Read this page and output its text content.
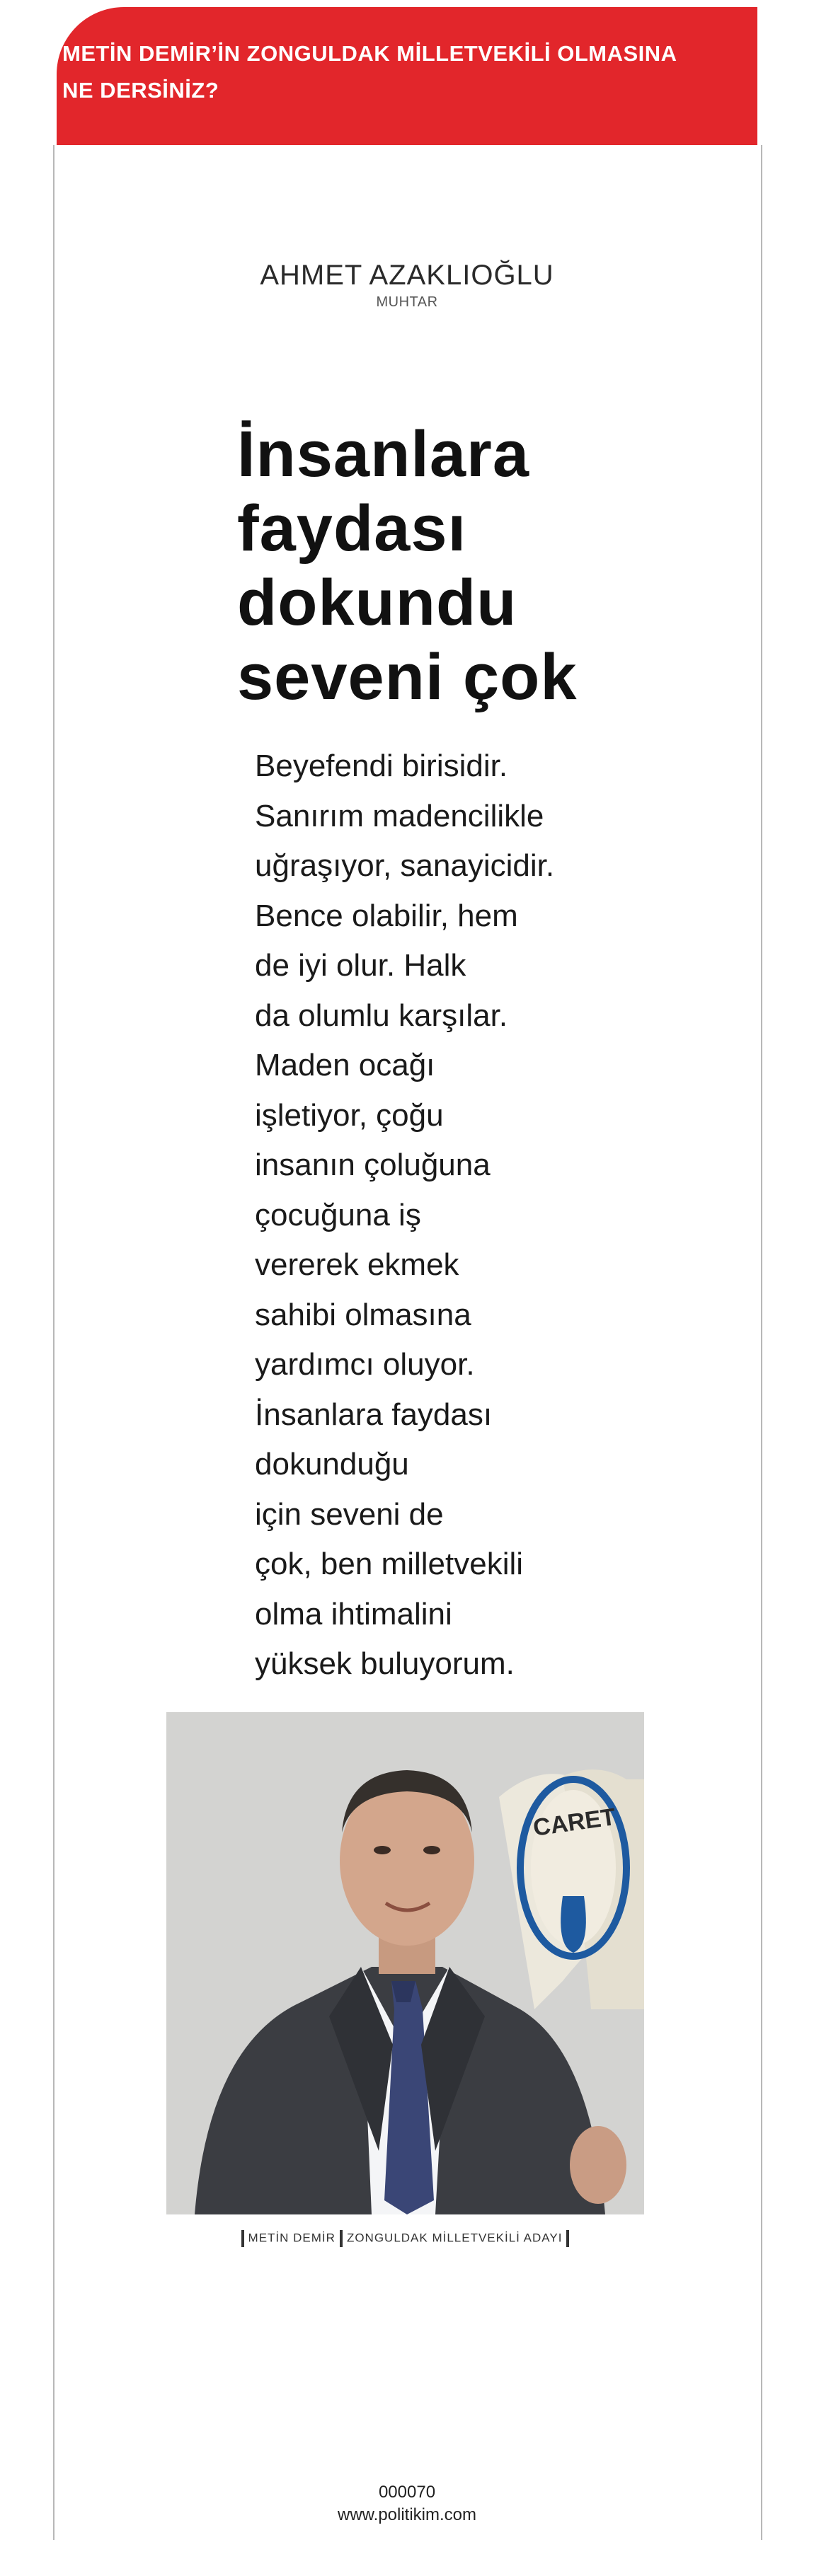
METİN DEMİR’İN ZONGULDAK MİLLETVEKİLİ OLMASINA NE DERSİNİZ?

AHMET AZAKLIOĞLU
MUHTAR
İnsanlara
faydası
dokundu
seveni çok
Beyefendi birisidir.
Sanırım madencilikle
uğraşıyor, sanayicidir.
Bence olabilir, hem
de iyi olur. Halk
da olumlu karşılar.
Maden ocağı
işletiyor, çoğu
insanın çoluğuna
çocuğuna iş
vererek ekmek
sahibi olmasına
yardımcı oluyor.
İnsanlara faydası
dokunduğu
için seveni de
çok, ben milletvekili
olma ihtimalini
yüksek buluyorum.
CARET
METİN DEMİR ZONGULDAK MİLLETVEKİLİ ADAYI
000070
www.politikim.com
